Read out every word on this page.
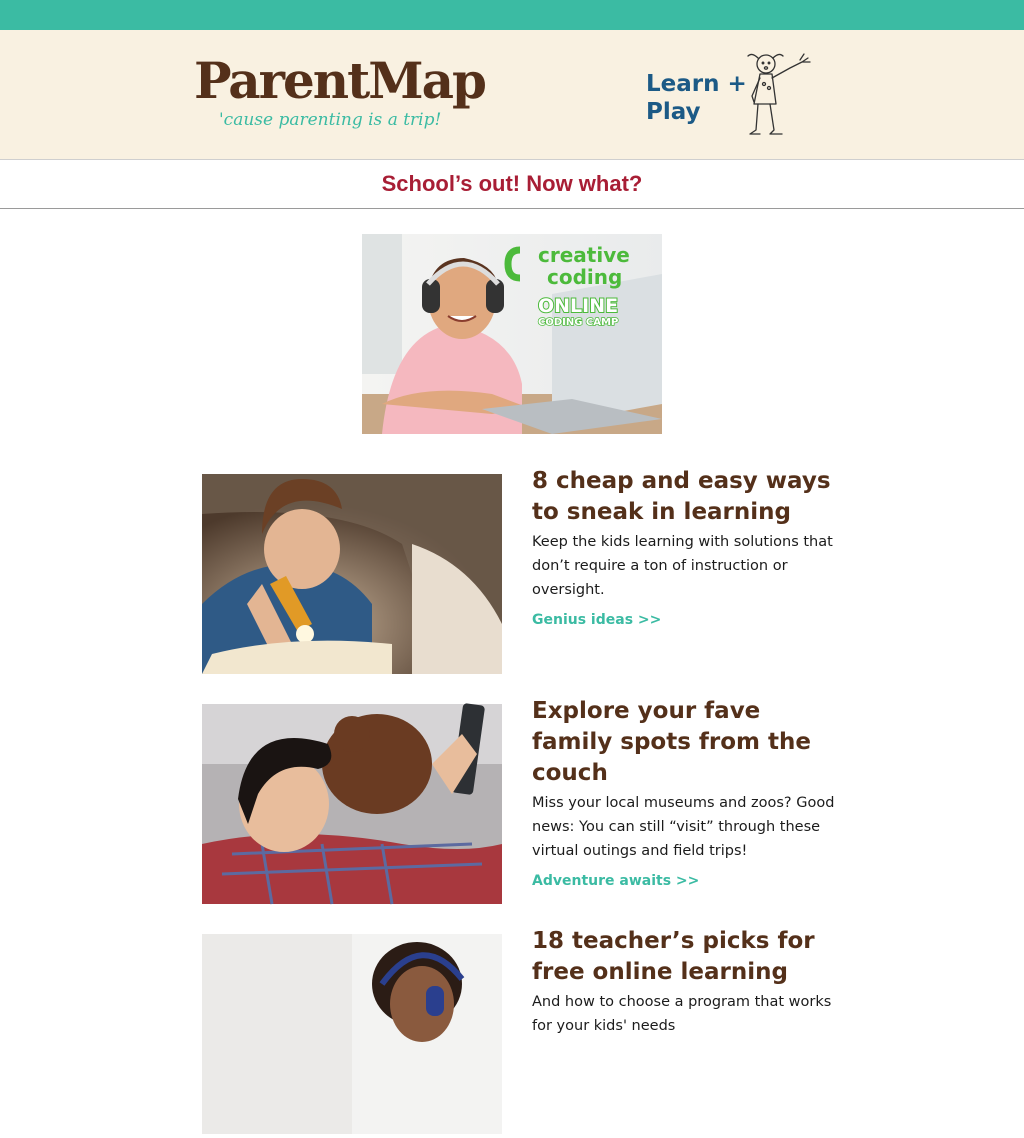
ParentMap
'cause parenting is a trip!
Learn + Play
School’s out! Now what?
creative
coding
ONLINE
CODING CAMP
8 cheap and easy ways to sneak in learning

Keep the kids learning with solutions that don’t require a ton of instruction or oversight.

Genius ideas >>
Explore your fave family spots from the couch

Miss your local museums and zoos? Good news: You can still “visit” through these virtual outings and field trips!

Adventure awaits >>
18 teacher’s picks for free online learning

And how to choose a program that works for your kids' needs
